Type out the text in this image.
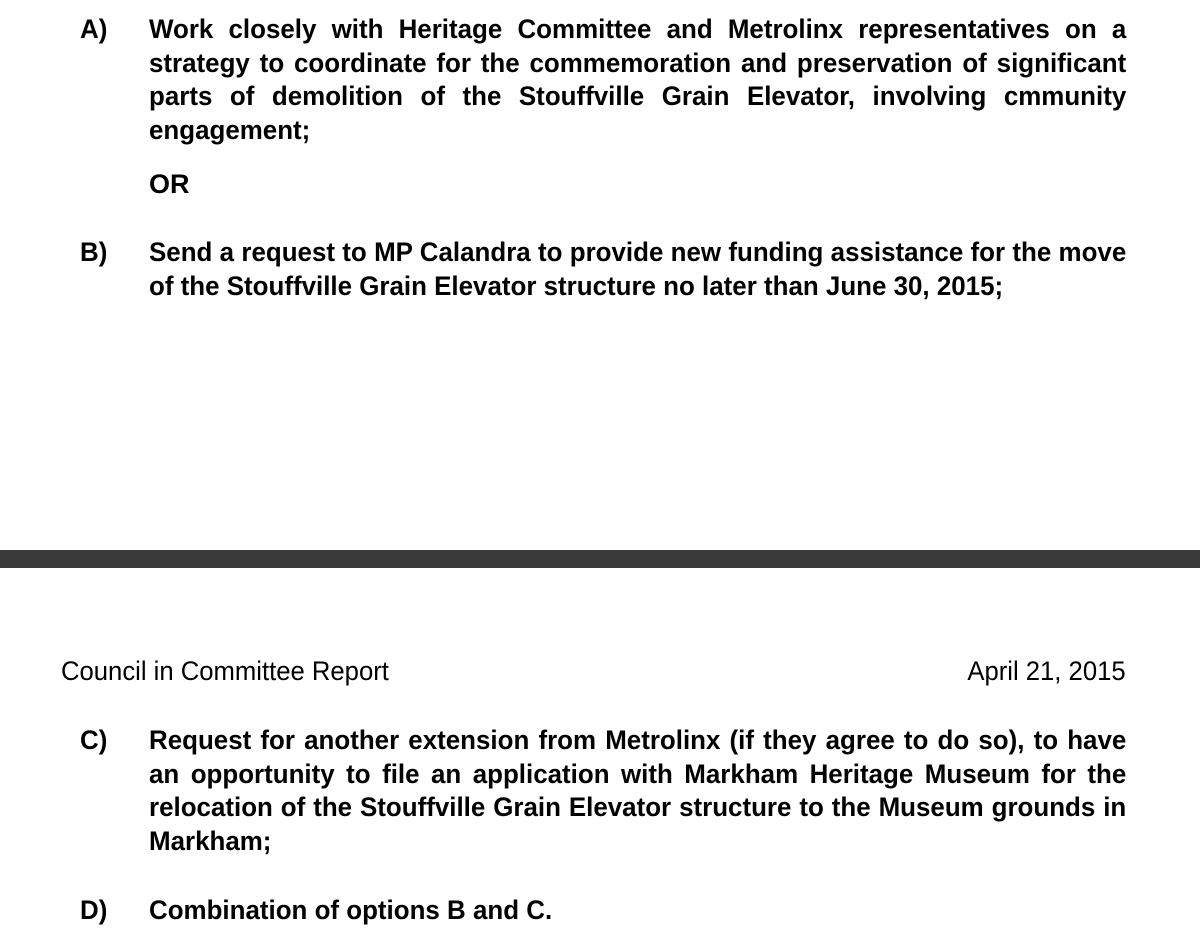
A) Work closely with Heritage Committee and Metrolinx representatives on a strategy to coordinate for the commemoration and preservation of significant parts of demolition of the Stouffville Grain Elevator, involving cmmunity engagement;
OR
B) Send a request to MP Calandra to provide new funding assistance for the move of the Stouffville Grain Elevator structure no later than June 30, 2015;
Council in Committee Report	April 21, 2015
C) Request for another extension from Metrolinx (if they agree to do so), to have an opportunity to file an application with Markham Heritage Museum for the relocation of the Stouffville Grain Elevator structure to the Museum grounds in Markham;
D) Combination of options B and C.
